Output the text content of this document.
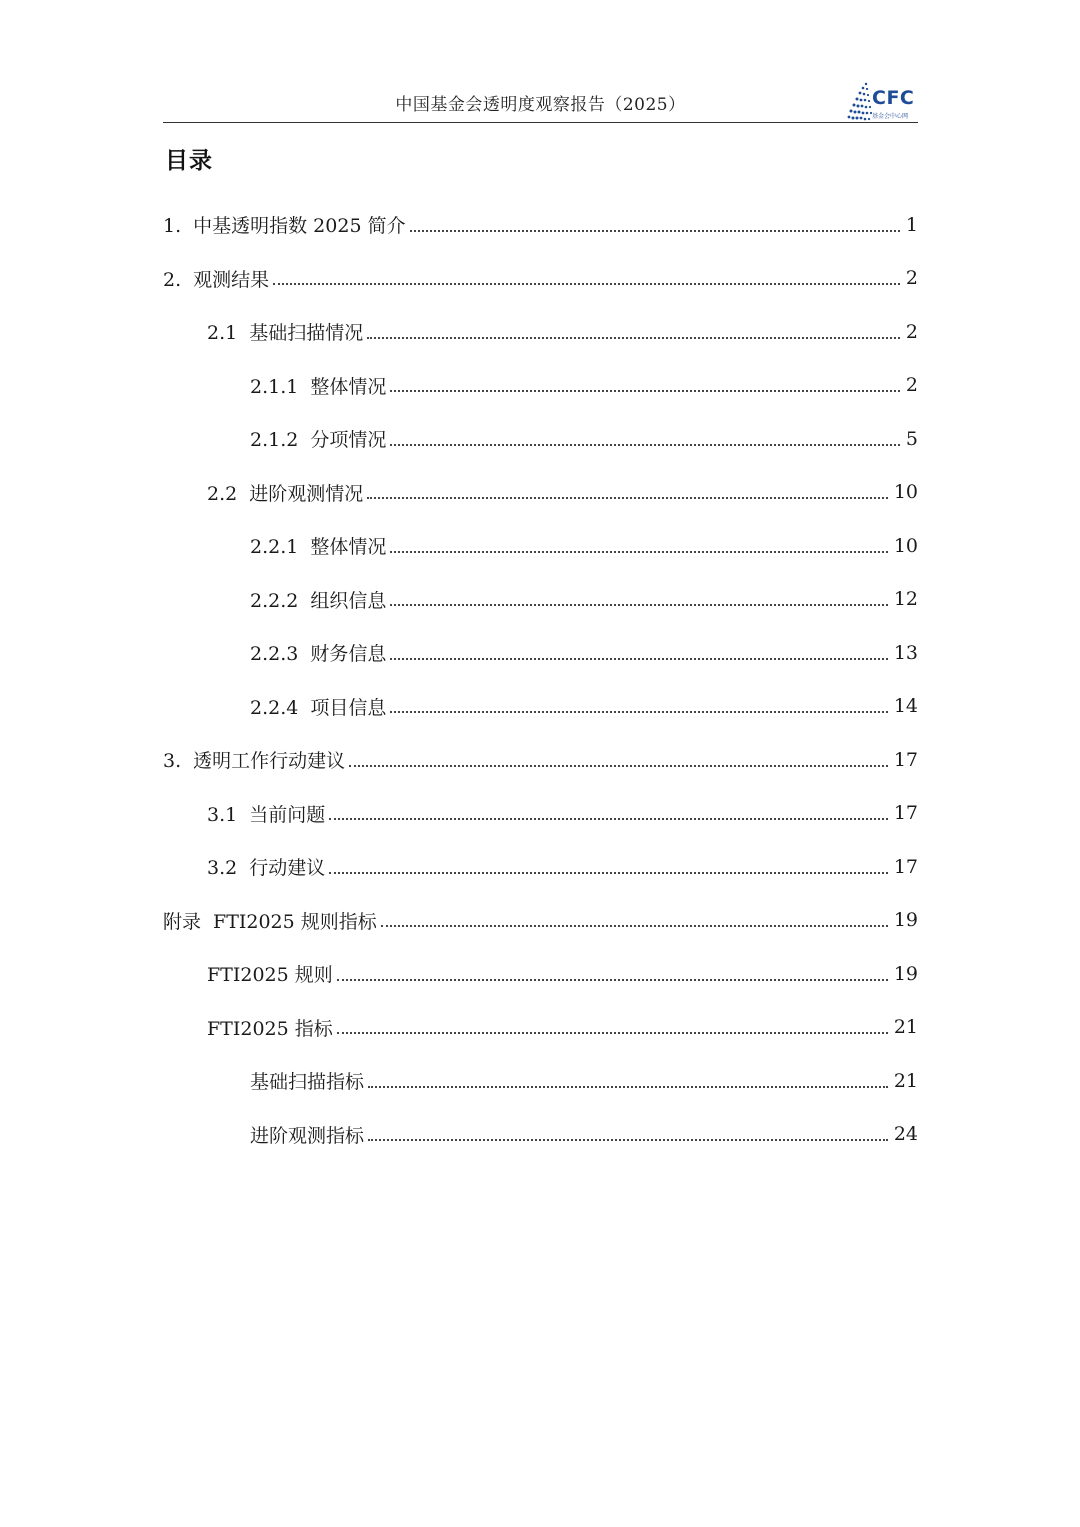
中国基金会透明度观察报告（2025）	CFC
基金会中心网
目录
1. 中基透明指数 2025 简介	1
2. 观测结果	2
2.1 基础扫描情况	2
2.1.1 整体情况	2
2.1.2 分项情况	5
2.2 进阶观测情况	10
2.2.1 整体情况	10
2.2.2 组织信息	12
2.2.3 财务信息	13
2.2.4 项目信息	14
3. 透明工作行动建议	17
3.1 当前问题	17
3.2 行动建议	17
附录 FTI2025 规则指标	19
FTI2025 规则	19
FTI2025 指标	21
基础扫描指标	21
进阶观测指标	24
